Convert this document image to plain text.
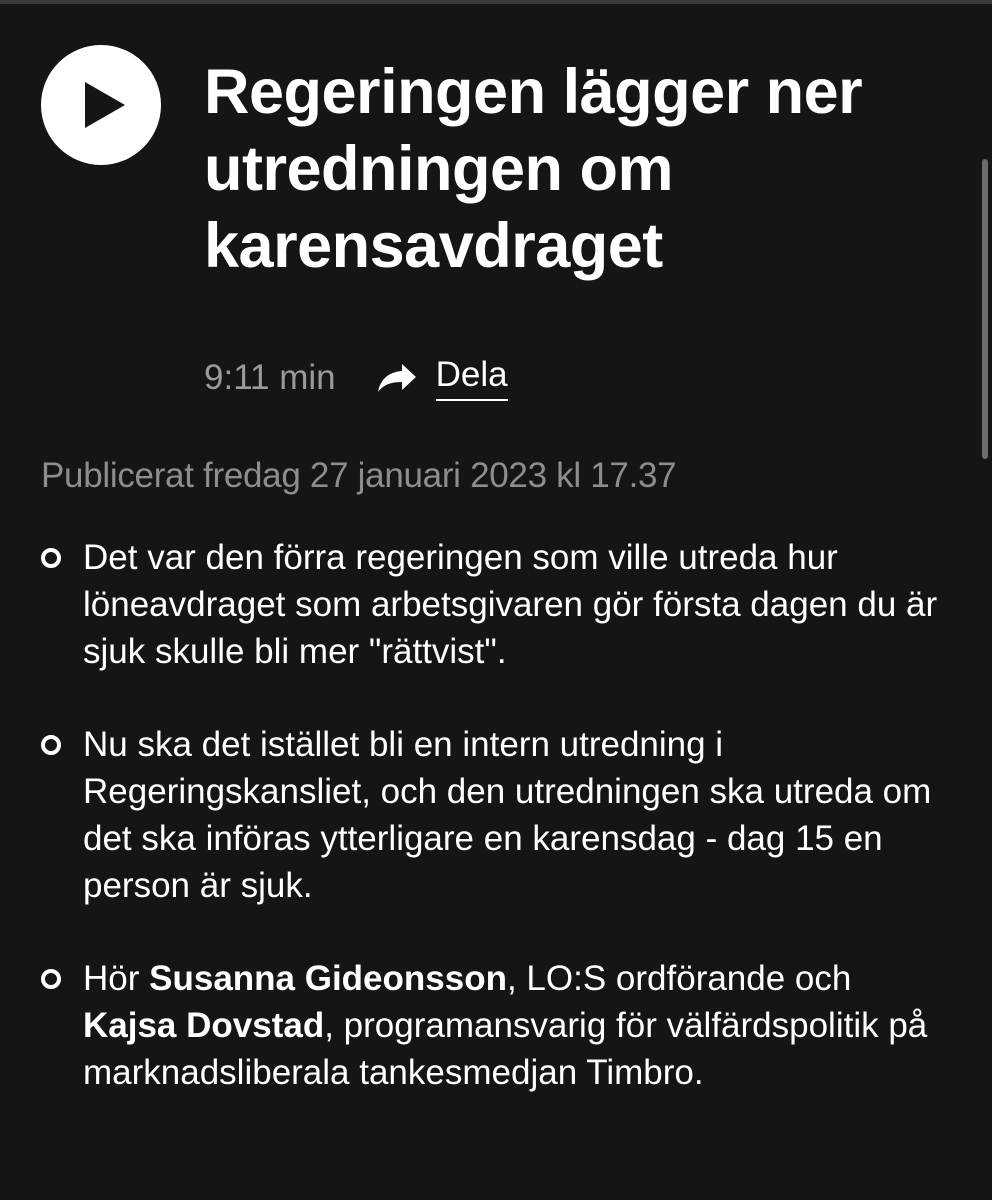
Regeringen lägger ner utredningen om karensavdraget
9:11 min	Dela
Publicerat fredag 27 januari 2023 kl 17.37
Det var den förra regeringen som ville utreda hur löneavdraget som arbetsgivaren gör första dagen du är sjuk skulle bli mer "rättvist".
Nu ska det istället bli en intern utredning i Regeringskansliet, och den utredningen ska utreda om det ska införas ytterligare en karensdag - dag 15 en person är sjuk.
Hör Susanna Gideonsson, LO:S ordförande och Kajsa Dovstad, programansvarig för välfärdspolitik på marknadsliberala tankesmedjan Timbro.
